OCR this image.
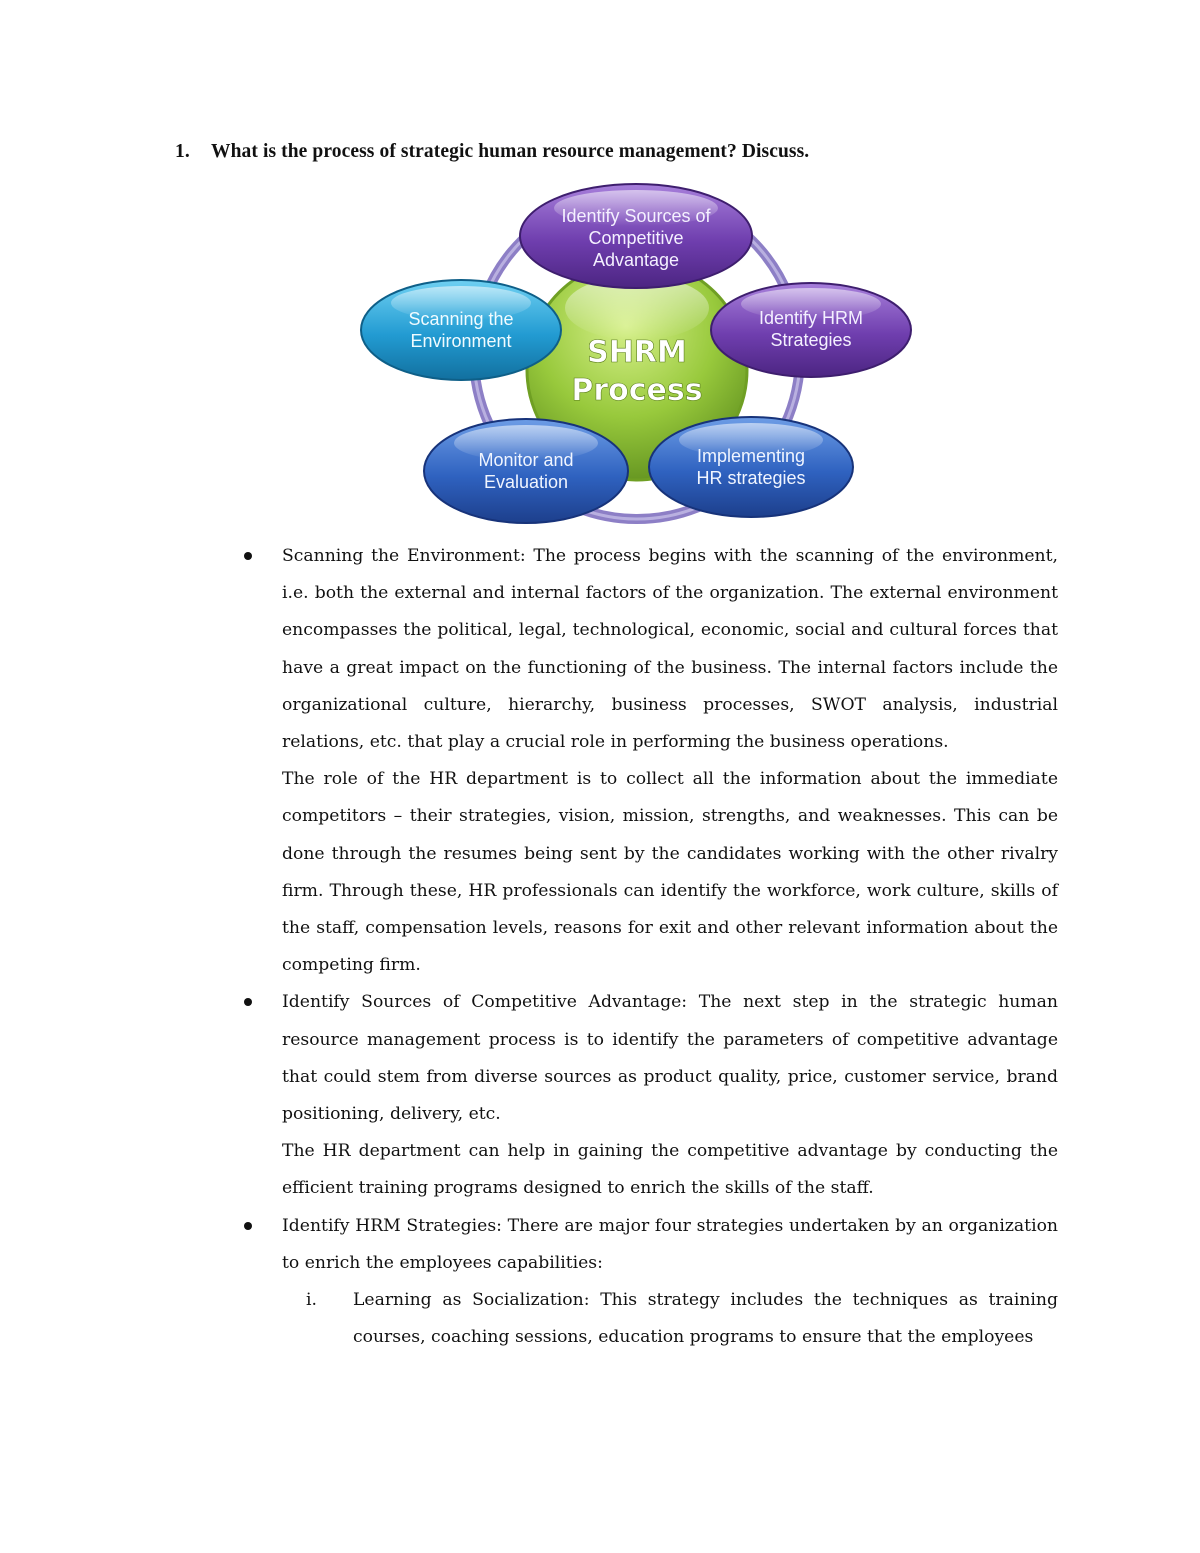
1. What is the process of strategic human resource management? Discuss.
SHRM
Process
Identify Sources of
Competitive
Advantage
Identify HRM
Strategies
Implementing
HR strategies
Monitor and
Evaluation
Scanning the
Environment
Scanning the Environment: The process begins with the scanning of the environment, i.e. both the external and internal factors of the organization. The external environment encompasses the political, legal, technological, economic, social and cultural forces that have a great impact on the functioning of the business. The internal factors include the organizational culture, hierarchy, business processes, SWOT analysis, industrial relations, etc. that play a crucial role in performing the business operations.
The role of the HR department is to collect all the information about the immediate competitors – their strategies, vision, mission, strengths, and weaknesses. This can be done through the resumes being sent by the candidates working with the other rivalry firm. Through these, HR professionals can identify the workforce, work culture, skills of the staff, compensation levels, reasons for exit and other relevant information about the competing firm.
Identify Sources of Competitive Advantage: The next step in the strategic human resource management process is to identify the parameters of competitive advantage that could stem from diverse sources as product quality, price, customer service, brand positioning, delivery, etc.
The HR department can help in gaining the competitive advantage by conducting the efficient training programs designed to enrich the skills of the staff.
Identify HRM Strategies: There are major four strategies undertaken by an organization to enrich the employees capabilities:
i. Learning as Socialization: This strategy includes the techniques as training courses, coaching sessions, education programs to ensure that the employees
